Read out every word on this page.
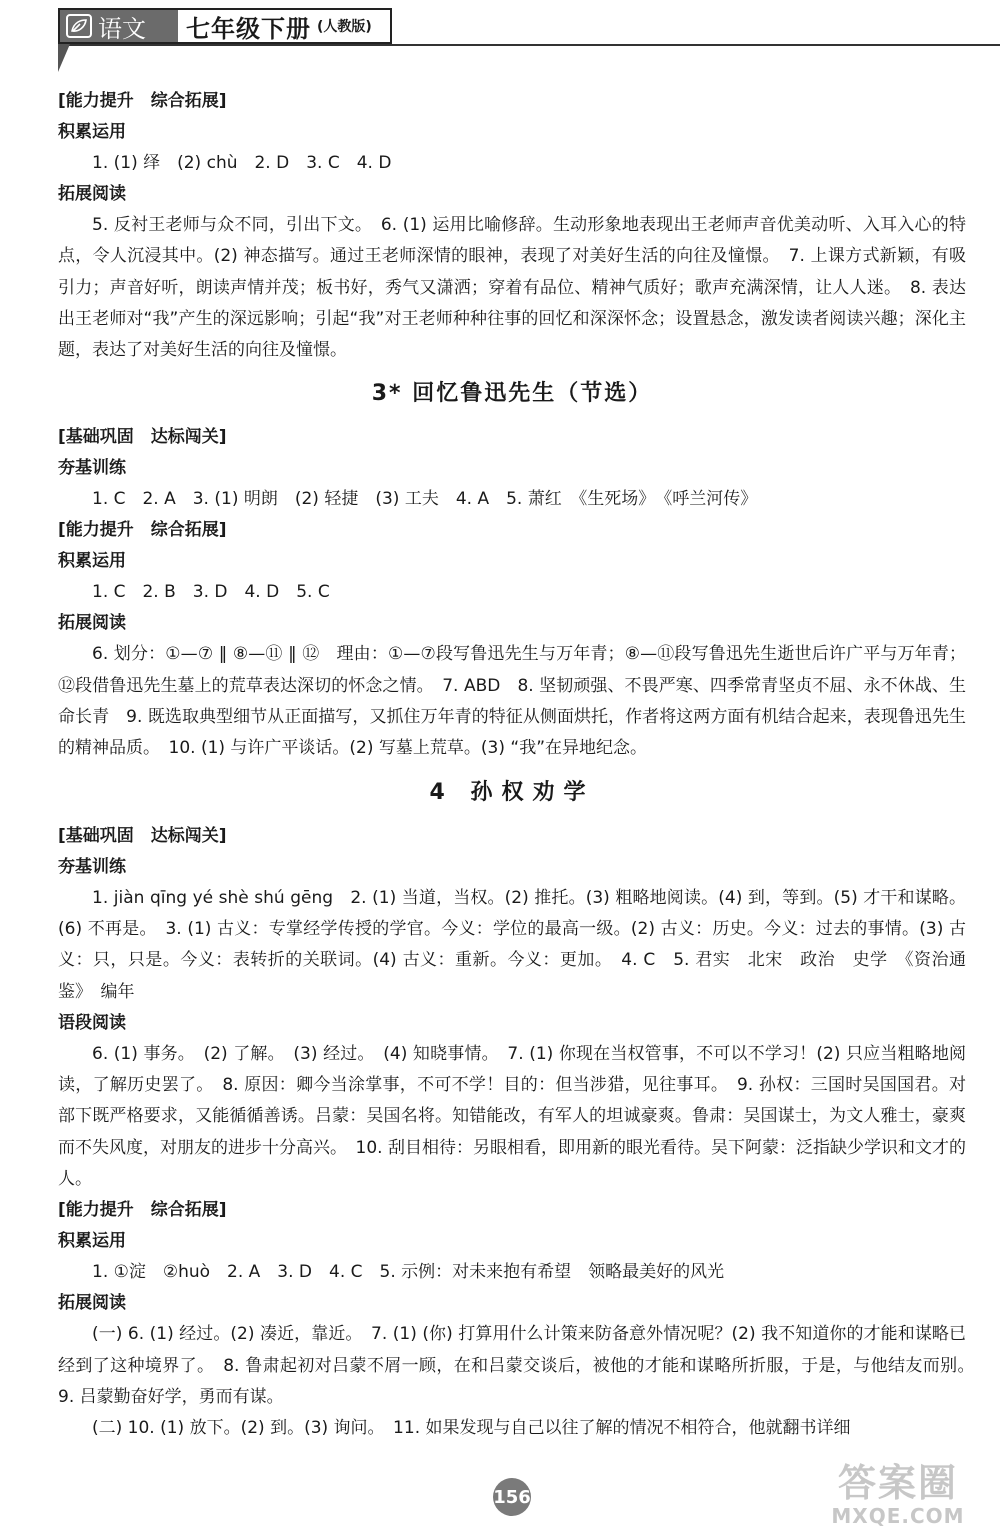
语文 七年级下册 (人教版)
[能力提升　综合拓展]
积累运用
1. (1) 绎　(2) chù　2. D　3. C　4. D
拓展阅读
5. 反衬王老师与众不同，引出下文。　6. (1) 运用比喻修辞。生动形象地表现出王老师声音优美动听、入耳入心的特点，令人沉浸其中。(2) 神态描写。通过王老师深情的眼神，表现了对美好生活的向往及憧憬。　7. 上课方式新颖，有吸引力；声音好听，朗读声情并茂；板书好，秀气又潇洒；穿着有品位、精神气质好；歌声充满深情，让人人迷。　8. 表达出王老师对“我”产生的深远影响；引起“我”对王老师种种往事的回忆和深深怀念；设置悬念，激发读者阅读兴趣；深化主题，表达了对美好生活的向往及憧憬。
3* 回忆鲁迅先生（节选）
[基础巩固　达标闯关]
夯基训练
1. C　2. A　3. (1) 明朗　(2) 轻捷　(3) 工夫　4. A　5. 萧红　《生死场》　《呼兰河传》
[能力提升　综合拓展]
积累运用
1. C　2. B　3. D　4. D　5. C
拓展阅读
6. 划分：①—⑦ ‖ ⑧—⑪ ‖ ⑫　理由：①—⑦段写鲁迅先生与万年青；⑧—⑪段写鲁迅先生逝世后许广平与万年青；⑫段借鲁迅先生墓上的荒草表达深切的怀念之情。　7. ABD　8. 坚韧顽强、不畏严寒、四季常青坚贞不屈、永不休战、生命长青　9. 既选取典型细节从正面描写，又抓住万年青的特征从侧面烘托，作者将这两方面有机结合起来，表现鲁迅先生的精神品质。　10. (1) 与许广平谈话。(2) 写墓上荒草。(3) “我”在异地纪念。
4 孙权劝学
[基础巩固　达标闯关]
夯基训练
1. jiàn qīng yé shè shú gēng　2. (1) 当道，当权。(2) 推托。(3) 粗略地阅读。(4) 到，等到。(5) 才干和谋略。(6) 不再是。　3. (1) 古义：专掌经学传授的学官。今义：学位的最高一级。(2) 古义：历史。今义：过去的事情。(3) 古义：只，只是。今义：表转折的关联词。(4) 古义：重新。今义：更加。　4. C　5. 君实　北宋　政治　史学　《资治通鉴》　编年
语段阅读
6. (1) 事务。　(2) 了解。　(3) 经过。　(4) 知晓事情。　7. (1) 你现在当权管事，不可以不学习！(2) 只应当粗略地阅读，了解历史罢了。　8. 原因：卿今当涂掌事，不可不学！目的：但当涉猎，见往事耳。　9. 孙权：三国时吴国国君。对部下既严格要求，又能循循善诱。吕蒙：吴国名将。知错能改，有军人的坦诚豪爽。鲁肃：吴国谋士，为文人雅士，豪爽而不失风度，对朋友的进步十分高兴。　10. 刮目相待：另眼相看，即用新的眼光看待。吴下阿蒙：泛指缺少学识和文才的人。
[能力提升　综合拓展]
积累运用
1. ①淀　②huò　2. A　3. D　4. C　5. 示例：对未来抱有希望　领略最美好的风光
拓展阅读
(一) 6. (1) 经过。(2) 凑近，靠近。　7. (1) (你) 打算用什么计策来防备意外情况呢？(2) 我不知道你的才能和谋略已经到了这种境界了。　8. 鲁肃起初对吕蒙不屑一顾，在和吕蒙交谈后，被他的才能和谋略所折服，于是，与他结友而别。　9. 吕蒙勤奋好学，勇而有谋。
(二) 10. (1) 放下。(2) 到。(3) 询问。　11. 如果发现与自己以往了解的情况不相符合，他就翻书详细
156	答案圈
MXQE.COM
